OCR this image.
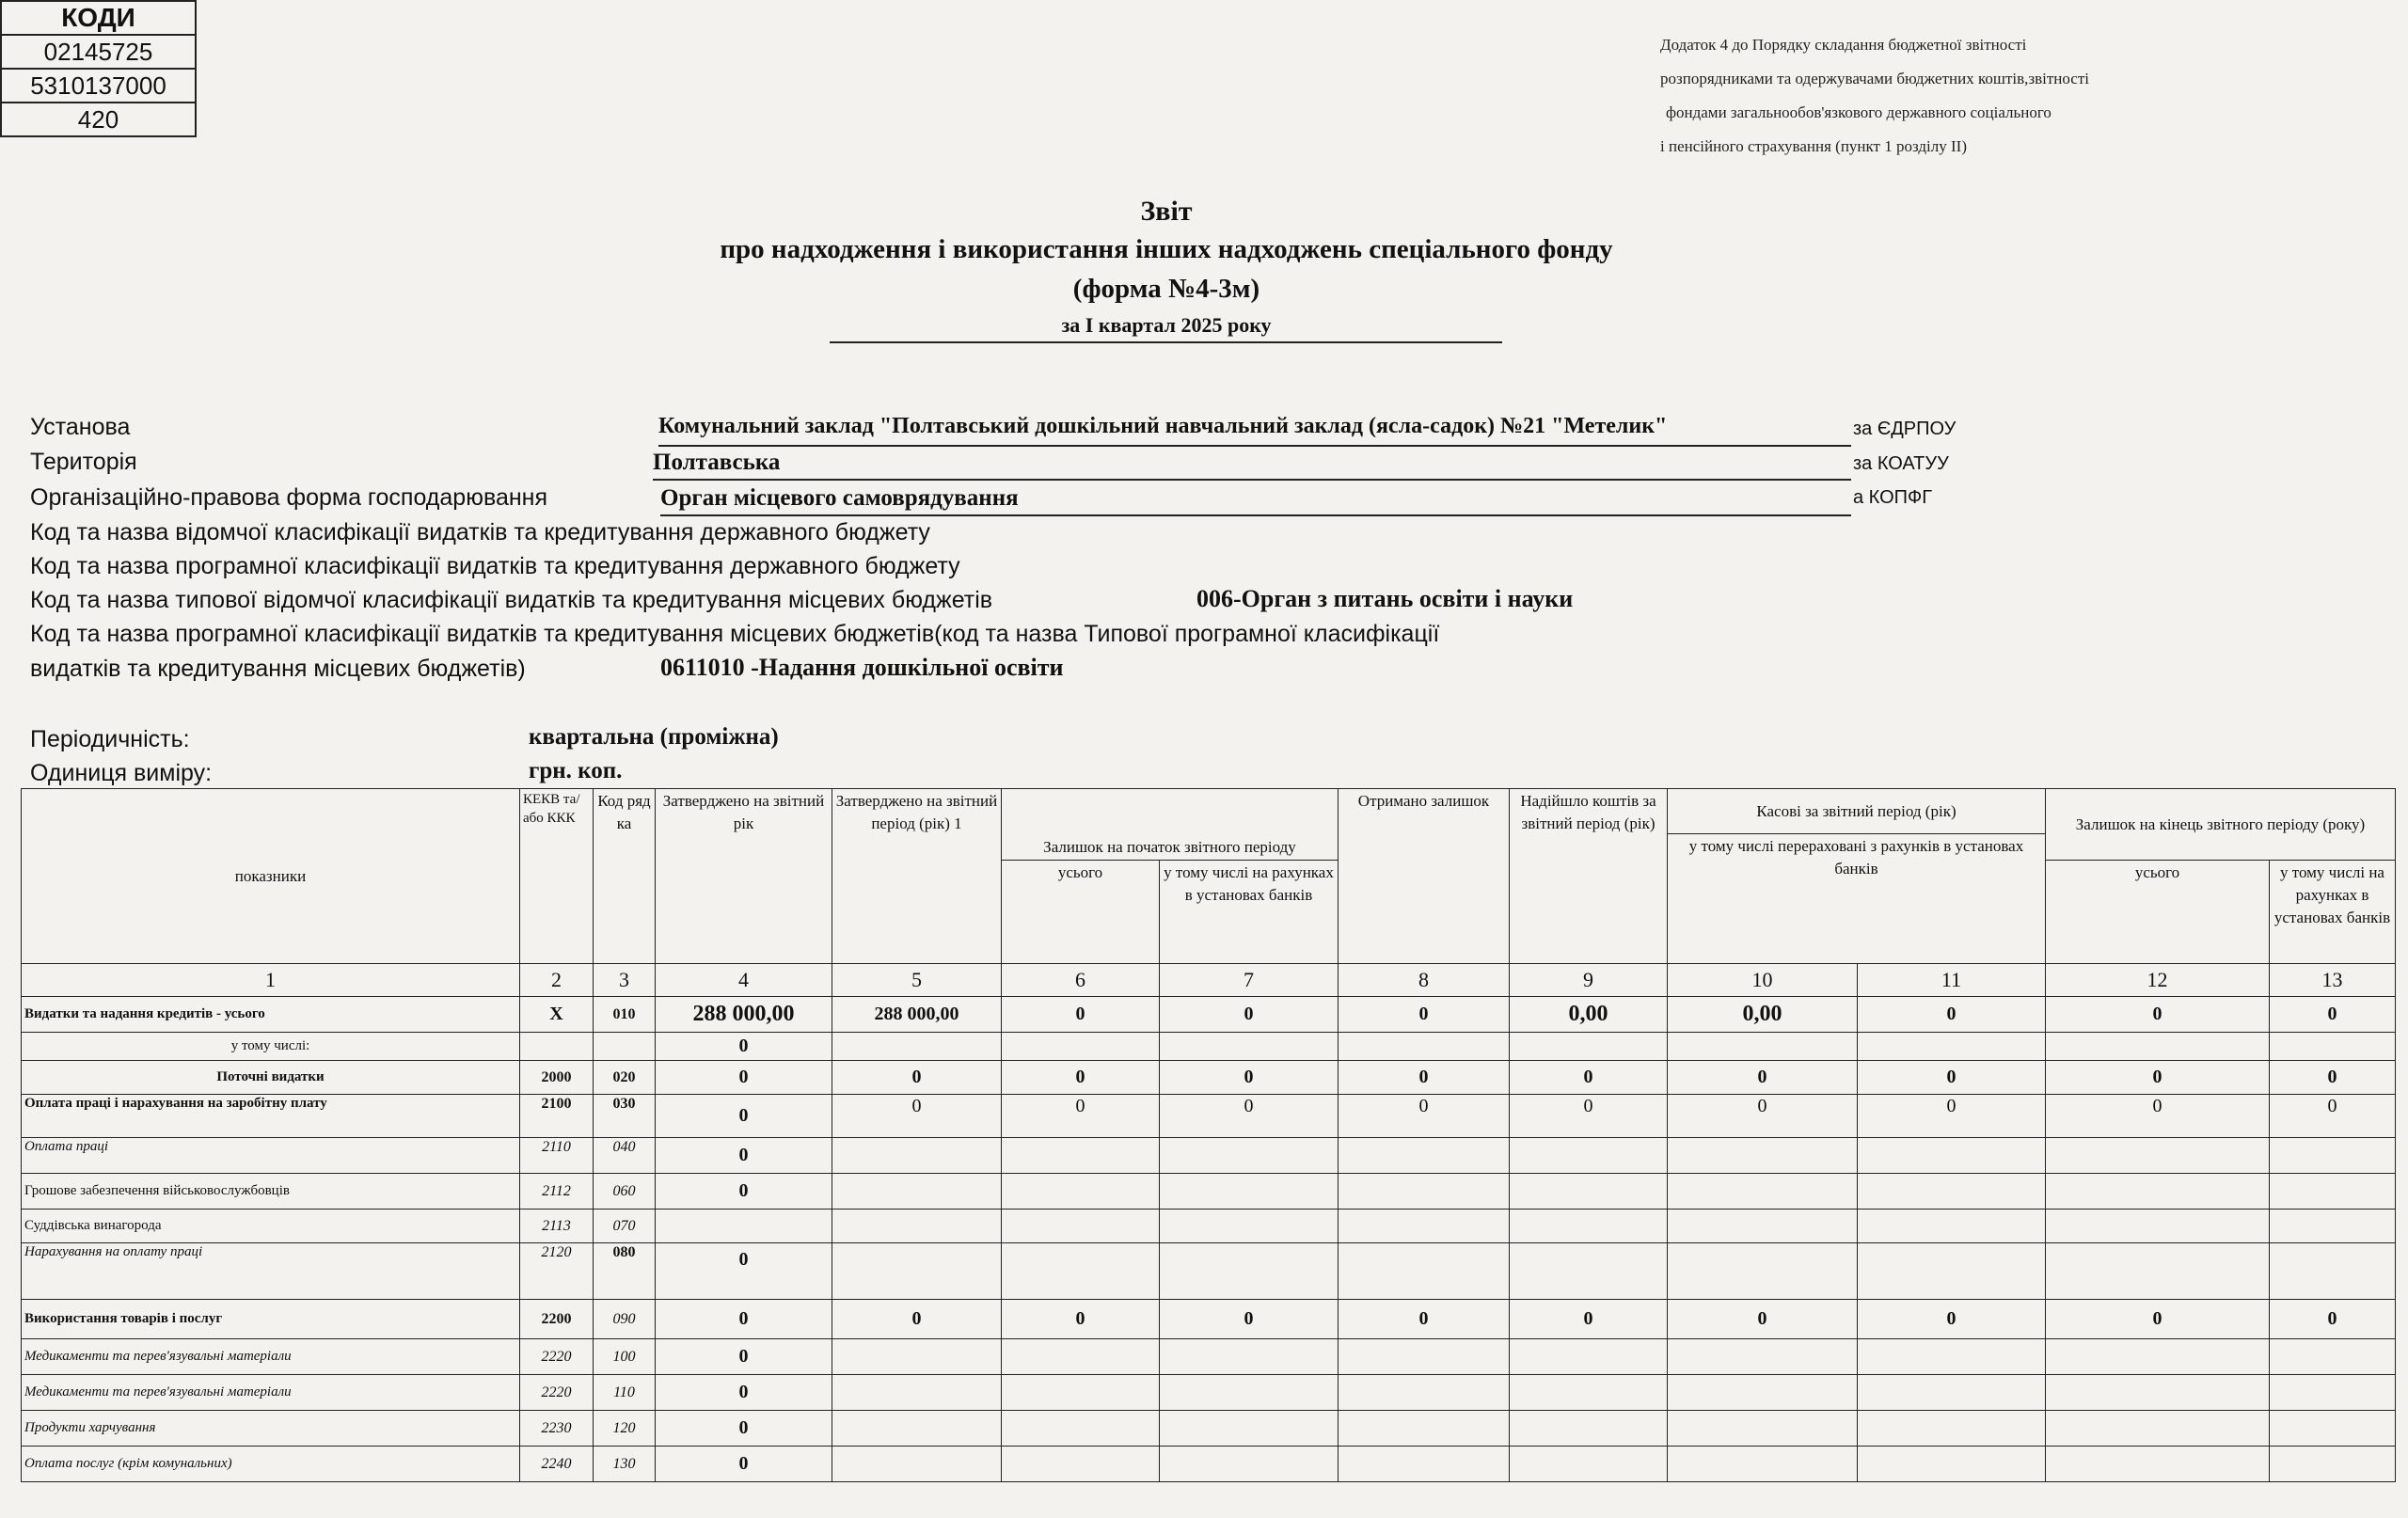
Додаток 4 до Порядку складання бюджетної звітності
розпорядниками та одержувачами бюджетних коштів,звітності
фондами загальнообов'язкового державного соціального
і пенсійного страхування (пункт 1 розділу ІІ)
Звіт
про надходження і використання інших надходжень спеціального фонду
(форма №4-3м)
за І квартал 2025 року
КОДИ
02145725
5310137000
420
Установа	Комунальний заклад "Полтавський дошкільний навчальний заклад (ясла-садок) №21 "Метелик"	за ЄДРПОУ
Територія	Полтавська	за КОАТУУ
Організаційно-правова форма господарювання	Орган місцевого самоврядування	а КОПФГ
Код та назва відомчої класифікації видатків та кредитування державного бюджету
Код та назва програмної класифікації видатків та кредитування державного бюджету
Код та назва типової відомчої класифікації видатків та кредитування місцевих бюджетів	006-Орган з питань освіти і науки
Код та назва програмної класифікації видатків та кредитування місцевих бюджетів(код та назва Типової програмної класифікації
видатків та кредитування місцевих бюджетів)	0611010 -Надання дошкільної освіти
Періодичність:	квартальна (проміжна)
Одиниця виміру:	грн. коп.
показники	КЕКВ та/або ККК	Код ряд ка	Затверджено на звітний рік	Затверджено на звітний період (рік) 1	Залишок на початок звітного періоду		Отримано залишок	Надійшло коштів за звітний період (рік)	Касові за звітний період (рік)		Залишок на кінець звітного періоду (року)	
									у тому числі перераховані з рахунків в установах банків			
					усього	у тому числі на рахунках в установах банків					усього	у тому числі на рахунках в установах банків
1	2	3	4	5	6	7	8	9	10	11	12	13
Видатки та надання кредитів - усього	Х	010	288 000,00	288 000,00	0	0	0	0,00	0,00	0	0	0
у тому числі:			0									
Поточні видатки	2000	020	0	0	0	0	0	0	0	0	0	0
Оплата праці і нарахування на заробітну плату	2100	030	0	0	0	0	0	0	0	0	0	0
Оплата праці	2110	040	0									
Грошове забезпечення військовослужбовців	2112	060	0									
Суддівська винагорода	2113	070										
Нарахування на оплату праці	2120	080	0									
Використання товарів і послуг	2200	090	0	0	0	0	0	0	0	0	0	0
Медикаменти та перев'язувальні матеріали	2220	100	0									
Медикаменти та перев'язувальні матеріали	2220	110	0									
Продукти харчування	2230	120	0									
Оплата послуг (крім комунальних)	2240	130	0									
